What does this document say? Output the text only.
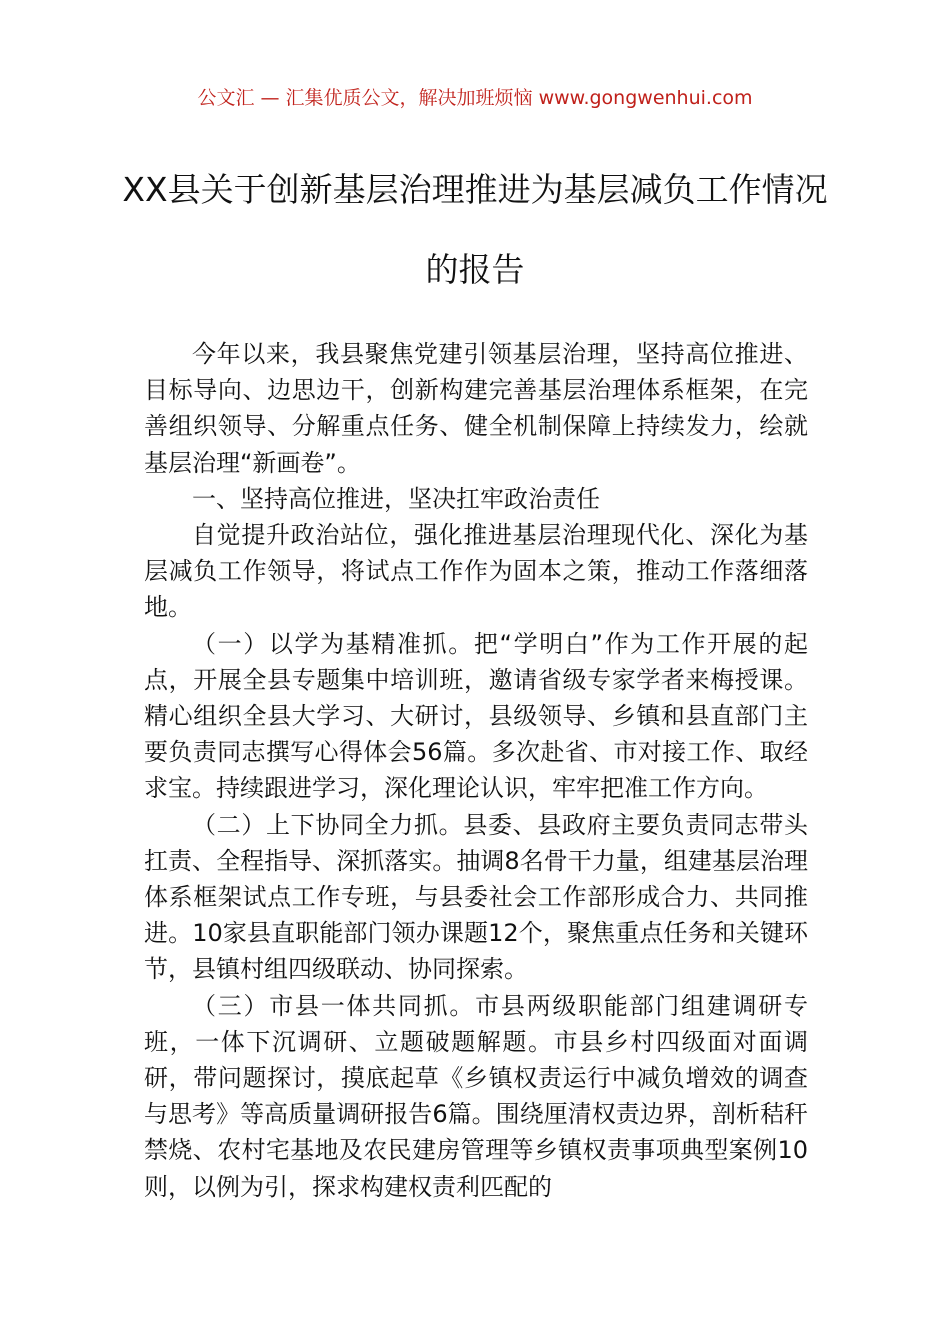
公文汇 — 汇集优质公文，解决加班烦恼 www.gongwenhui.com
XX县关于创新基层治理推进为基层减负工作情况的报告

今年以来，我县聚焦党建引领基层治理，坚持高位推进、目标导向、边思边干，创新构建完善基层治理体系框架，在完善组织领导、分解重点任务、健全机制保障上持续发力，绘就基层治理“新画卷”。

一、坚持高位推进，坚决扛牢政治责任

自觉提升政治站位，强化推进基层治理现代化、深化为基层减负工作领导，将试点工作作为固本之策，推动工作落细落地。

（一）以学为基精准抓。把“学明白”作为工作开展的起点，开展全县专题集中培训班，邀请省级专家学者来梅授课。精心组织全县大学习、大研讨，县级领导、乡镇和县直部门主要负责同志撰写心得体会56篇。多次赴省、市对接工作、取经求宝。持续跟进学习，深化理论认识，牢牢把准工作方向。

（二）上下协同全力抓。县委、县政府主要负责同志带头扛责、全程指导、深抓落实。抽调8名骨干力量，组建基层治理体系框架试点工作专班，与县委社会工作部形成合力、共同推进。10家县直职能部门领办课题12个，聚焦重点任务和关键环节，县镇村组四级联动、协同探索。

（三）市县一体共同抓。市县两级职能部门组建调研专班，一体下沉调研、立题破题解题。市县乡村四级面对面调研，带问题探讨，摸底起草《乡镇权责运行中减负增效的调查与思考》等高质量调研报告6篇。围绕厘清权责边界，剖析秸秆禁烧、农村宅基地及农民建房管理等乡镇权责事项典型案例10则，以例为引，探求构建权责利匹配的
